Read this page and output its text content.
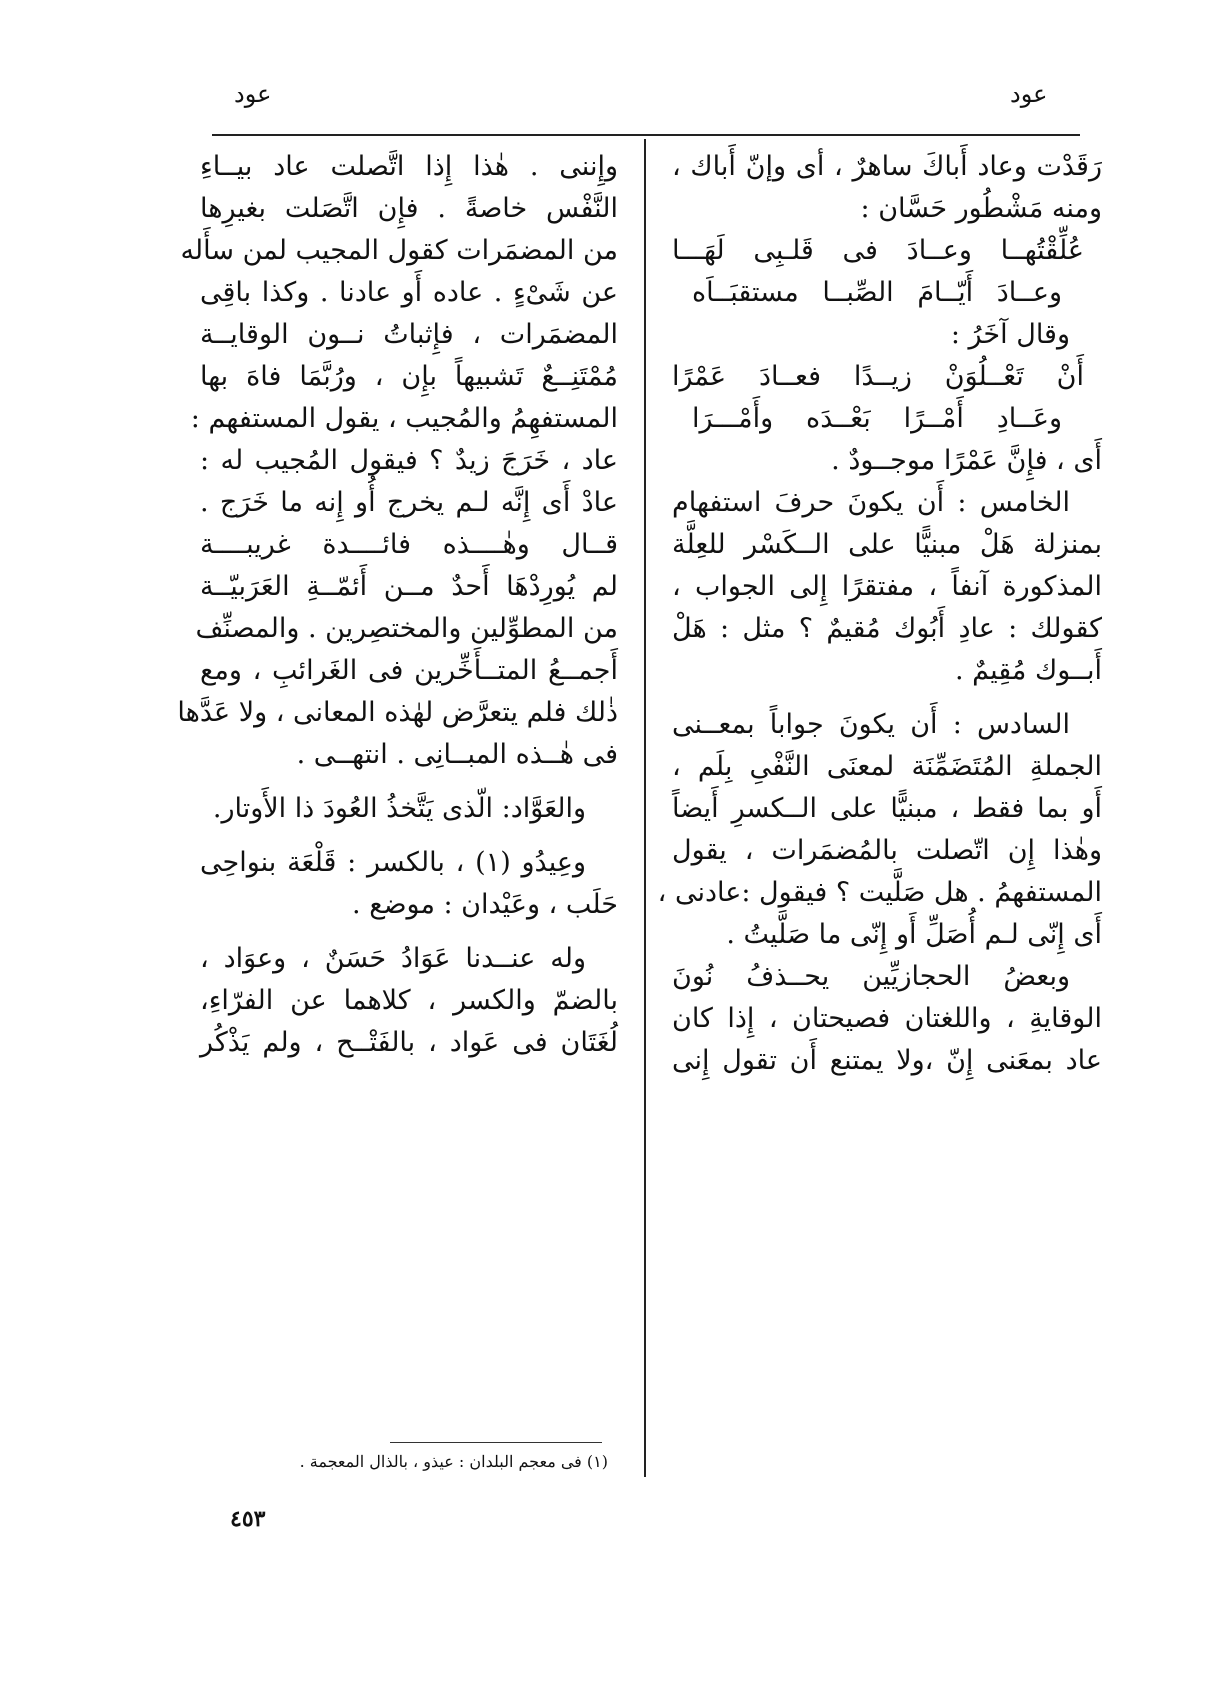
عود
عود
رَقَدْت وعاد أَباكَ ساهرٌ ، أى وإنّ أَباك ،
ومنه مَشْطُور حَسَّان :
عُلِّقْتُهــا وعــادَ فى قَلـبِى لَهَـــا
وعــادَ أَيّــامَ الصِّبــا مستقبَــاَه
وقال آخَرُ :
أَنْ تَعْــلُوَنْ زيــدًا فعــادَ عَمْرًا
وعَــادِ أَمْــرًا بَعْــدَه وأَمْـــرَا
أَى ، فإِنَّ عَمْرًا موجــودٌ .
الخامس : أَن يكونَ حرفَ استفهام
بمنزلة هَلْ مبنيًّا على الــكَسْر للعِلَّة
المذكورة آنفاً ، مفتقرًا إِلى الجواب ،
كقولك : عادِ أَبُوك مُقيمٌ ؟ مثل : هَلْ
أَبــوك مُقِيمٌ .
السادس : أَن يكونَ جواباً بمعــنى
الجملةِ المُتَضَمِّنَة لمعنَى النَّفْىِ بِلَم ،
أَو بما فقط ، مبنيًّا على الــكسرِ أَيضاً
وهٰذا إِن اتّصلت بالمُضمَرات ، يقول
المستفهمُ . هل صَلَّيت ؟ فيقول :عادنى ،
أَى إِنّى لـم أُصَلِّ أَو إِنّى ما صَلَّيتُ .
وبعضُ الحجازيِّين يحــذفُ نُونَ
الوقايةِ ، واللغتان فصيحتان ، إِذا كان
عاد بمعَنى إِنّ ،ولا يمتنع أَن تقول إِنى
وإِننى . هٰذا إِذا اتَّصلت عاد بيــاءِ
النَّفْس خاصةً . فإِن اتَّصَلت بغيرِها
من المضمَرات كقول المجيب لمن سأَله
عن شَىْءٍ . عاده أَو عادنا . وكذا باقِى
المضمَرات ، فإِثباتُ نــون الوقايــة
مُمْتَنِــعٌ تَشبيهاً بإِن ، ورُبَّمَا فاهَ بها
المستفهِمُ والمُجيب ، يقول المستفهم :
عاد ، خَرَجَ زيدٌ ؟ فيقول المُجيب له :
عادْ أَى إِنَّه لـم يخرج أُو إِنه ما خَرَج .
قــال وهٰــــذه فائــــدة غريبــــة
لم يُورِدْهَا أَحدٌ مــن أَئمّــةِ العَرَبيّــة
من المطوِّلين والمختصِرين . والمصنِّف
أَجمــعُ المتــأَخِّرين فى الغَرائبِ ، ومع
ذٰلك فلم يتعرَّض لهٰذه المعانى ، ولا عَدَّها
فى هٰــذه المبــانِى . انتهــى .
والعَوَّاد: الّذى يَتَّخذُ العُودَ ذا الأَوتار.
وعِيدُو (١) ، بالكسر : قَلْعَة بنواحِى
حَلَب ، وعَيْدان : موضع .
وله عنــدنا عَوَادُ حَسَنٌ ، وعوَاد ،
بالضمّ والكسر ، كلاهما عن الفرّاءِ،
لُغَتَان فى عَواد ، بالفَتْــح ، ولم يَذْكُر
(١) فى معجم البلدان : عيذو ، بالذال المعجمة .
٤٥٣
